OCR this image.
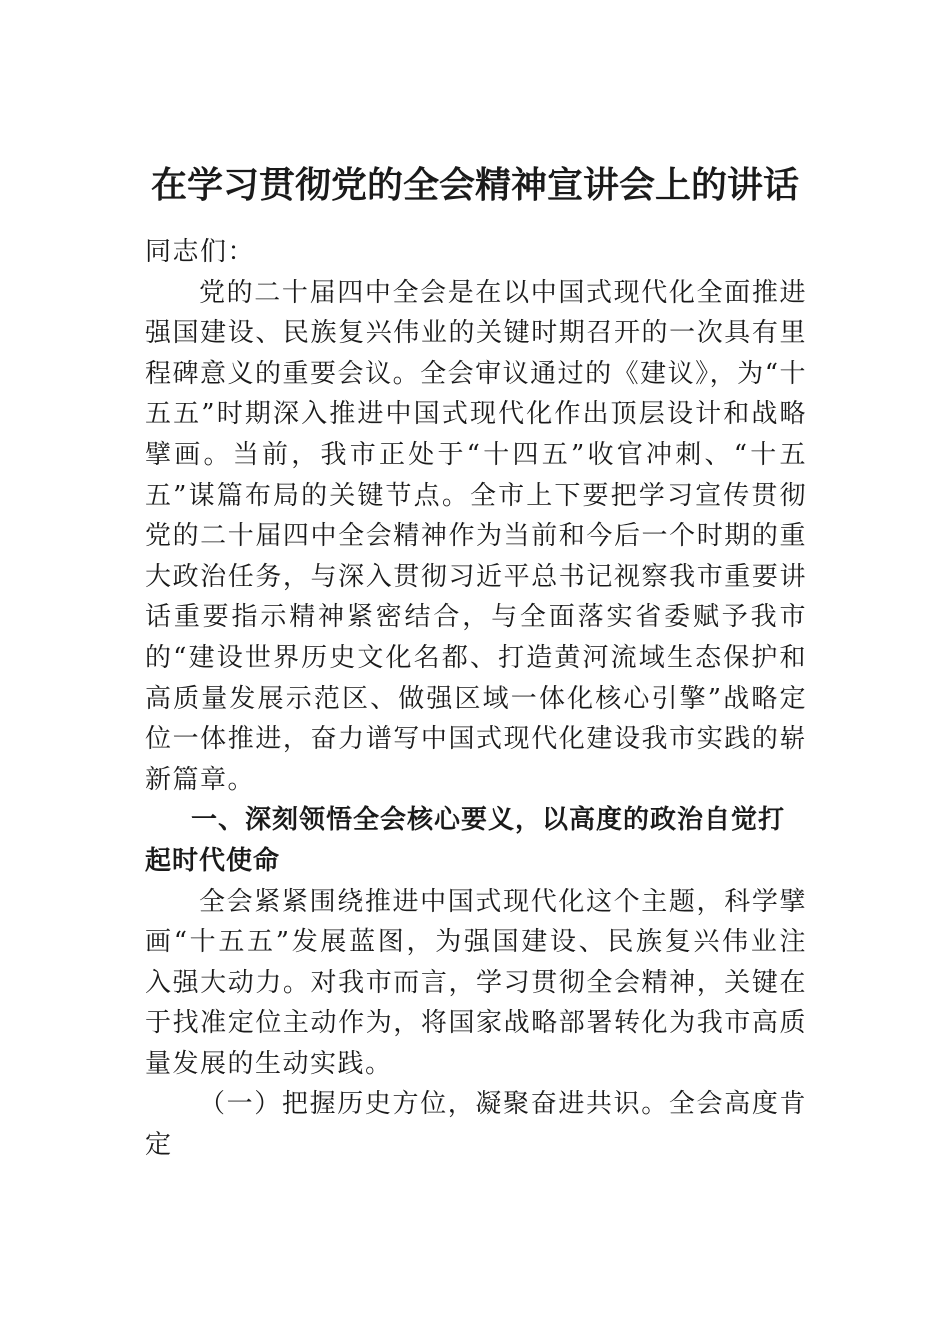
在学习贯彻党的全会精神宣讲会上的讲话

同志们：

党的二十届四中全会是在以中国式现代化全面推进强国建设、民族复兴伟业的关键时期召开的一次具有里程碑意义的重要会议。全会审议通过的《建议》，为“十五五”时期深入推进中国式现代化作出顶层设计和战略擘画。当前，我市正处于“十四五”收官冲刺、“十五五”谋篇布局的关键节点。全市上下要把学习宣传贯彻党的二十届四中全会精神作为当前和今后一个时期的重大政治任务，与深入贯彻习近平总书记视察我市重要讲话重要指示精神紧密结合，与全面落实省委赋予我市的“建设世界历史文化名都、打造黄河流域生态保护和高质量发展示范区、做强区域一体化核心引擎”战略定位一体推进，奋力谱写中国式现代化建设我市实践的崭新篇章。

一、深刻领悟全会核心要义，以高度的政治自觉打起时代使命

全会紧紧围绕推进中国式现代化这个主题，科学擘画“十五五”发展蓝图，为强国建设、民族复兴伟业注入强大动力。对我市而言，学习贯彻全会精神，关键在于找准定位主动作为，将国家战略部署转化为我市高质量发展的生动实践。

（一）把握历史方位，凝聚奋进共识。全会高度肯定
